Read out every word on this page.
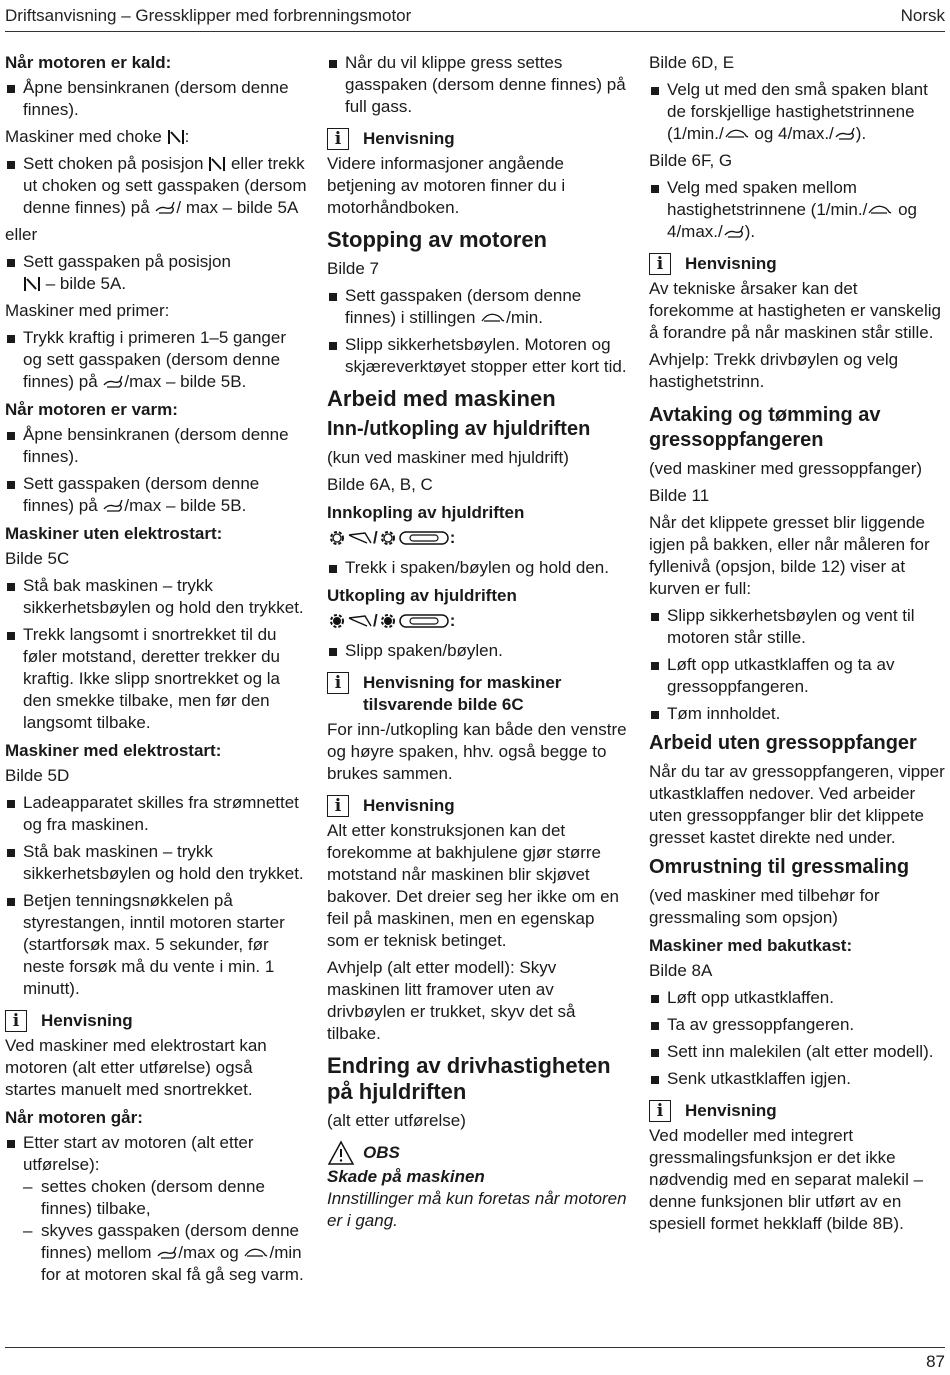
Driftsanvisning – Gressklipper med forbrenningsmotor	Norsk
Når motoren er kald:
Åpne bensinkranen (dersom denne finnes).
Maskiner med choke :
Sett choken på posisjon  eller trekk ut choken og sett gasspaken (dersom denne finnes) på / max – bilde 5A
eller
Sett gasspaken på posisjon
– bilde 5A.
Maskiner med primer:
Trykk kraftig i primeren 1–5 ganger og sett gasspaken (dersom denne finnes) på /max – bilde 5B.
Når motoren er varm:
Åpne bensinkranen (dersom denne finnes).
Sett gasspaken (dersom denne finnes) på /max – bilde 5B.
Maskiner uten elektrostart:
Bilde 5C
Stå bak maskinen – trykk sikkerhetsbøylen og hold den trykket.
Trekk langsomt i snortrekket til du føler motstand, deretter trekker du kraftig. Ikke slipp snortrekket og la den smekke tilbake, men før den langsomt tilbake.
Maskiner med elektrostart:
Bilde 5D
Ladeapparatet skilles fra strømnettet og fra maskinen.
Stå bak maskinen – trykk sikkerhetsbøylen og hold den trykket.
Betjen tenningsnøkkelen på styrestangen, inntil motoren starter (startforsøk max. 5 sekunder, før neste forsøk må du vente i min. 1 minutt).
i	Henvisning
Ved maskiner med elektrostart kan motoren (alt etter utførelse) også startes manuelt med snortrekket.
Når motoren går:
Etter start av motoren (alt etter utførelse):
– settes choken (dersom denne finnes) tilbake,
– skyves gasspaken (dersom denne finnes) mellom /max og /min for at motoren skal få gå seg varm.
Når du vil klippe gress settes gasspaken (dersom denne finnes) på full gass.
i	Henvisning
Videre informasjoner angående betjening av motoren finner du i motorhåndboken.
Stopping av motoren
Bilde 7
Sett gasspaken (dersom denne finnes) i stillingen /min.
Slipp sikkerhetsbøylen. Motoren og skjæreverktøyet stopper etter kort tid.
Arbeid med maskinen
Inn-/utkopling av hjuldriften
(kun ved maskiner med hjuldrift)
Bilde 6A, B, C
Innkopling av hjuldriften
/	:
Trekk i spaken/bøylen og hold den.
Utkopling av hjuldriften
/	:
Slipp spaken/bøylen.
i	Henvisning for maskiner tilsvarende bilde 6C
For inn-/utkopling kan både den venstre og høyre spaken, hhv. også begge to brukes sammen.
i	Henvisning
Alt etter konstruksjonen kan det forekomme at bakhjulene gjør større motstand når maskinen blir skjøvet bakover. Det dreier seg her ikke om en feil på maskinen, men en egenskap som er teknisk betinget.
Avhjelp (alt etter modell): Skyv maskinen litt framover uten av drivbøylen er trukket, skyv det så tilbake.
Endring av drivhastigheten på hjuldriften
(alt etter utførelse)
OBS
Skade på maskinen
Innstillinger må kun foretas når motoren er i gang.
Bilde 6D, E
Velg ut med den små spaken blant de forskjellige hastighetstrinnene (1/min./ og 4/max./ ).
Bilde 6F, G
Velg med spaken mellom hastighetstrinnene (1/min./ og 4/max./ ).
i	Henvisning
Av tekniske årsaker kan det forekomme at hastigheten er vanskelig å forandre på når maskinen står stille.
Avhjelp: Trekk drivbøylen og velg hastighetstrinn.
Avtaking og tømming av gressoppfangeren
(ved maskiner med gressoppfanger)
Bilde 11
Når det klippete gresset blir liggende igjen på bakken, eller når måleren for fyllenivå (opsjon, bilde 12) viser at kurven er full:
Slipp sikkerhetsbøylen og vent til motoren står stille.
Løft opp utkastklaffen og ta av gressoppfangeren.
Tøm innholdet.
Arbeid uten gressoppfanger
Når du tar av gressoppfangeren, vipper utkastklaffen nedover. Ved arbeider uten gressoppfanger blir det klippete gresset kastet direkte ned under.
Omrustning til gressmaling
(ved maskiner med tilbehør for gressmaling som opsjon)
Maskiner med bakutkast:
Bilde 8A
Løft opp utkastklaffen.
Ta av gressoppfangeren.
Sett inn malekilen (alt etter modell).
Senk utkastklaffen igjen.
i	Henvisning
Ved modeller med integrert gressmalingsfunksjon er det ikke nødvendig med en separat malekil – denne funksjonen blir utført av en spesiell formet hekklaff (bilde 8B).
87
